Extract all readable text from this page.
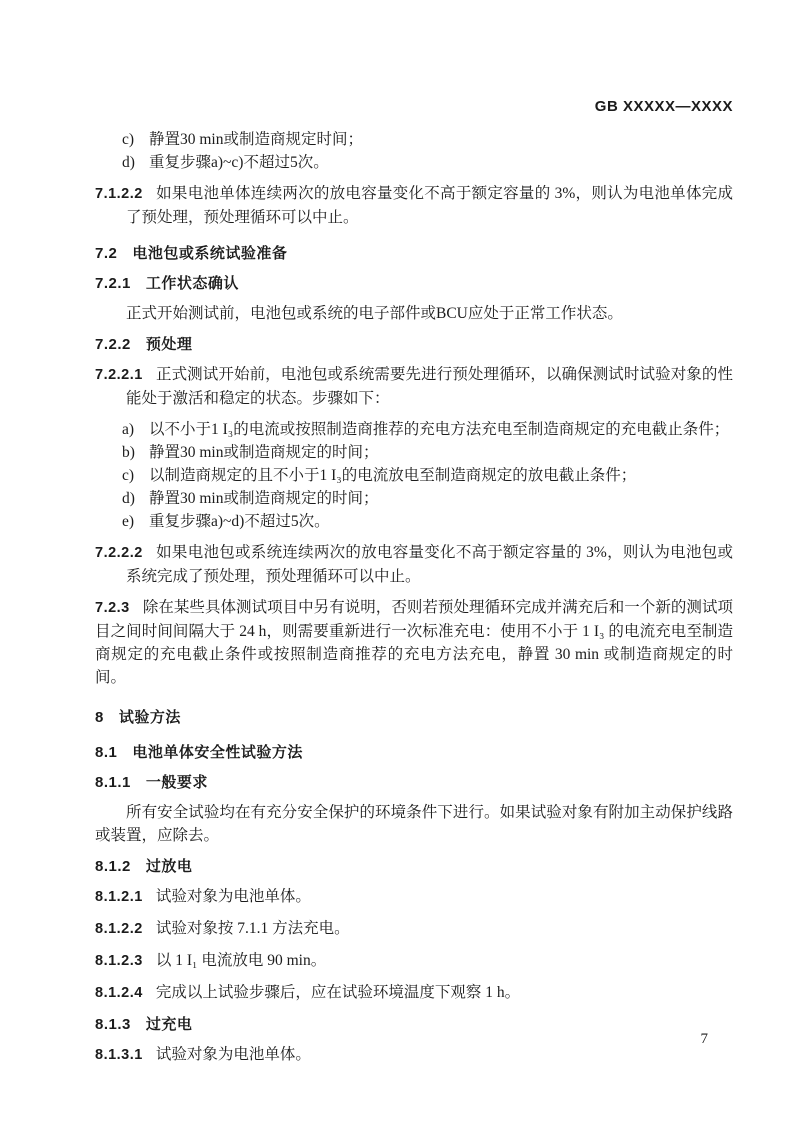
GB XXXXX—XXXX
c) 静置30 min或制造商规定时间；
d) 重复步骤a)~c)不超过5次。

7.1.2.2 如果电池单体连续两次的放电容量变化不高于额定容量的 3%，则认为电池单体完成了预处理，预处理循环可以中止。

7.2 电池包或系统试验准备
7.2.1 工作状态确认

正式开始测试前，电池包或系统的电子部件或BCU应处于正常工作状态。

7.2.2 预处理

7.2.2.1 正式测试开始前，电池包或系统需要先进行预处理循环，以确保测试时试验对象的性能处于激活和稳定的状态。步骤如下：

a) 以不小于1 I₃的电流或按照制造商推荐的充电方法充电至制造商规定的充电截止条件；
b) 静置30 min或制造商规定的时间；
c) 以制造商规定的且不小于1 I₃的电流放电至制造商规定的放电截止条件；
d) 静置30 min或制造商规定的时间；
e) 重复步骤a)~d)不超过5次。

7.2.2.2 如果电池包或系统连续两次的放电容量变化不高于额定容量的 3%，则认为电池包或系统完成了预处理，预处理循环可以中止。

7.2.3 除在某些具体测试项目中另有说明，否则若预处理循环完成并满充后和一个新的测试项目之间时间间隔大于 24 h，则需要重新进行一次标准充电：使用不小于 1 I₃ 的电流充电至制造商规定的充电截止条件或按照制造商推荐的充电方法充电，静置 30 min 或制造商规定的时间。

8 试验方法
8.1 电池单体安全性试验方法
8.1.1 一般要求

所有安全试验均在有充分安全保护的环境条件下进行。如果试验对象有附加主动保护线路或装置，应除去。

8.1.2 过放电

8.1.2.1 试验对象为电池单体。

8.1.2.2 试验对象按 7.1.1 方法充电。

8.1.2.3 以 1 I₁ 电流放电 90 min。

8.1.2.4 完成以上试验步骤后，应在试验环境温度下观察 1 h。

8.1.3 过充电

8.1.3.1 试验对象为电池单体。

7
